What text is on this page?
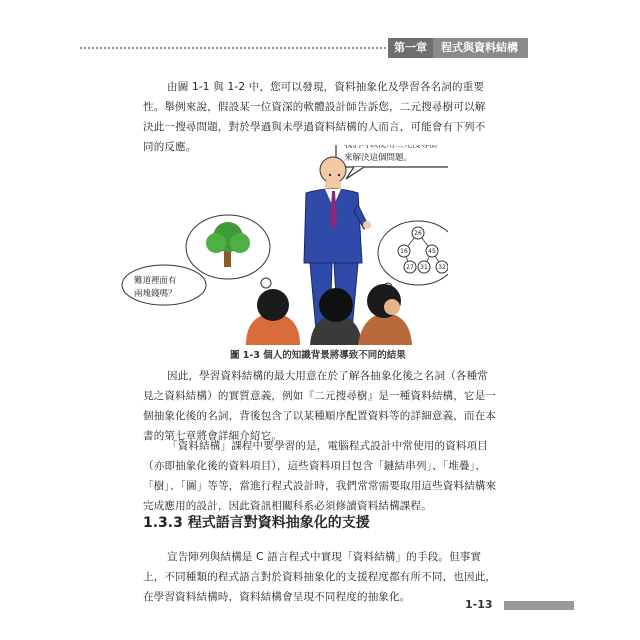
第一章	程式與資料結構
由圖 1-1 與 1-2 中，您可以發現，資料抽象化及學習各名詞的重要性。舉例來說，假設某一位資深的軟體設計師告訴您，二元搜尋樹可以解決此一搜尋問題，對於學過與未學過資料結構的人而言，可能會有下列不同的反應。	我們可以使用二元搜尋樹
來解決這個問題。
難道裡面有
兩塊錢嗎？
26
16	45
27 31 32
圖 1-3 個人的知識背景將導致不同的結果
因此，學習資料結構的最大用意在於了解各抽象化後之名詞（各種常見之資料結構）的實質意義，例如『二元搜尋樹』是一種資料結構，它是一個抽象化後的名詞，背後包含了以某種順序配置資料等的詳細意義，而在本書的第七章將會詳細介紹它。
「資料結構」課程中要學習的是，電腦程式設計中常使用的資料項目（亦即抽象化後的資料項目），這些資料項目包含「鏈結串列」、「堆疊」、「樹」、「圖」等等，當進行程式設計時，我們常常需要取用這些資料結構來完成應用的設計，因此資訊相關科系必須修讀資料結構課程。
1.3.3 程式語言對資料抽象化的支援
宣告陣列與結構是 C 語言程式中實現「資料結構」的手段。但事實上，不同種類的程式語言對於資料抽象化的支援程度都有所不同，也因此，在學習資料結構時，資料結構會呈現不同程度的抽象化。
1-13
